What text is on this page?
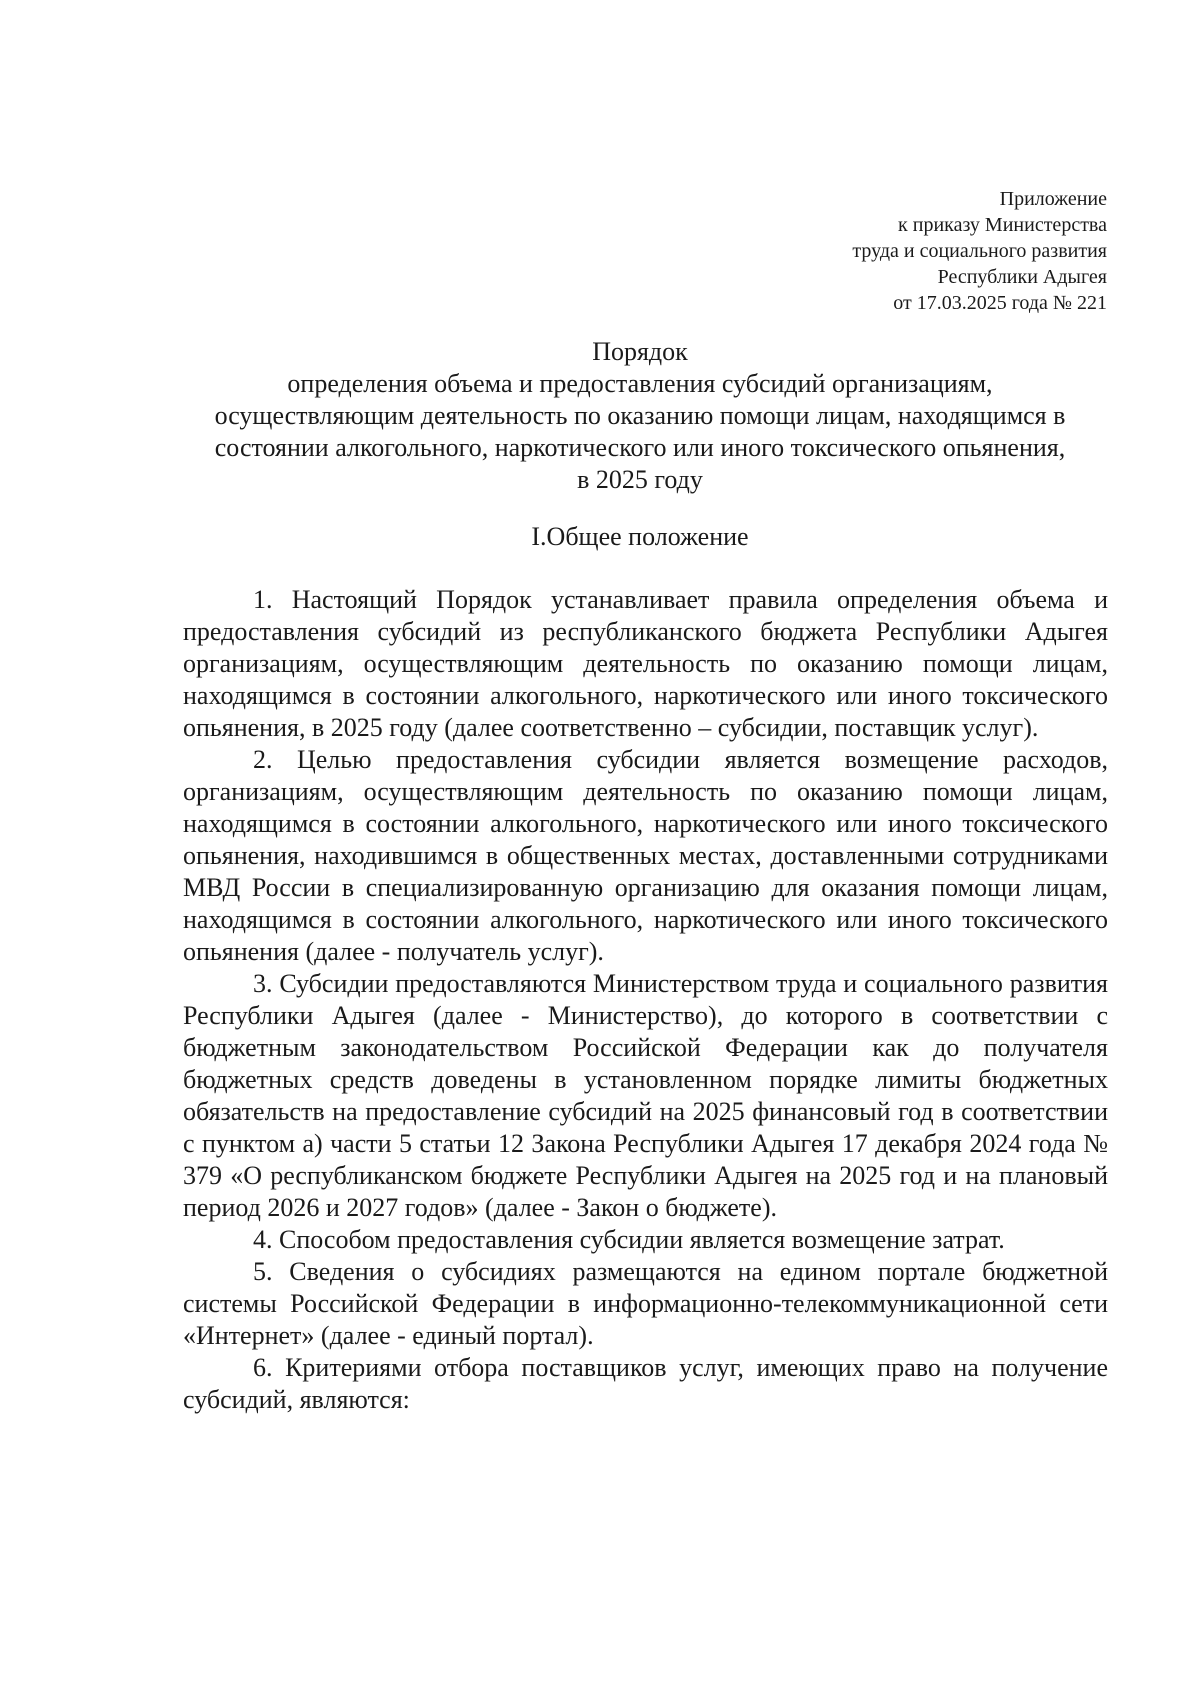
Приложение
к приказу Министерства
труда и социального развития
Республики Адыгея
от 17.03.2025 года № 221
Порядок
определения объема и предоставления субсидий организациям,
осуществляющим деятельность по оказанию помощи лицам, находящимся в
состоянии алкогольного, наркотического или иного токсического опьянения,
в 2025 году
I.Общее положение

1. Настоящий Порядок устанавливает правила определения объема и предоставления субсидий из республиканского бюджета Республики Адыгея организациям, осуществляющим деятельность по оказанию помощи лицам, находящимся в состоянии алкогольного, наркотического или иного токсического опьянения, в 2025 году (далее соответственно – субсидии, поставщик услуг).

2. Целью предоставления субсидии является возмещение расходов, организациям, осуществляющим деятельность по оказанию помощи лицам, находящимся в состоянии алкогольного, наркотического или иного токсического опьянения, находившимся в общественных местах, доставленными сотрудниками МВД России в специализированную организацию для оказания помощи лицам, находящимся в состоянии алкогольного, наркотического или иного токсического опьянения (далее - получатель услуг).

3. Субсидии предоставляются Министерством труда и социального развития Республики Адыгея (далее - Министерство), до которого в соответствии с бюджетным законодательством Российской Федерации как до получателя бюджетных средств доведены в установленном порядке лимиты бюджетных обязательств на предоставление субсидий на 2025 финансовый год в соответствии с пунктом а) части 5 статьи 12 Закона Республики Адыгея 17 декабря 2024 года № 379 «О республиканском бюджете Республики Адыгея на 2025 год и на плановый период 2026 и 2027 годов» (далее - Закон о бюджете).

4. Способом предоставления субсидии является возмещение затрат.

5. Сведения о субсидиях размещаются на едином портале бюджетной системы Российской Федерации в информационно-телекоммуникационной сети «Интернет» (далее - единый портал).

6. Критериями отбора поставщиков услуг, имеющих право на получение субсидий, являются:
